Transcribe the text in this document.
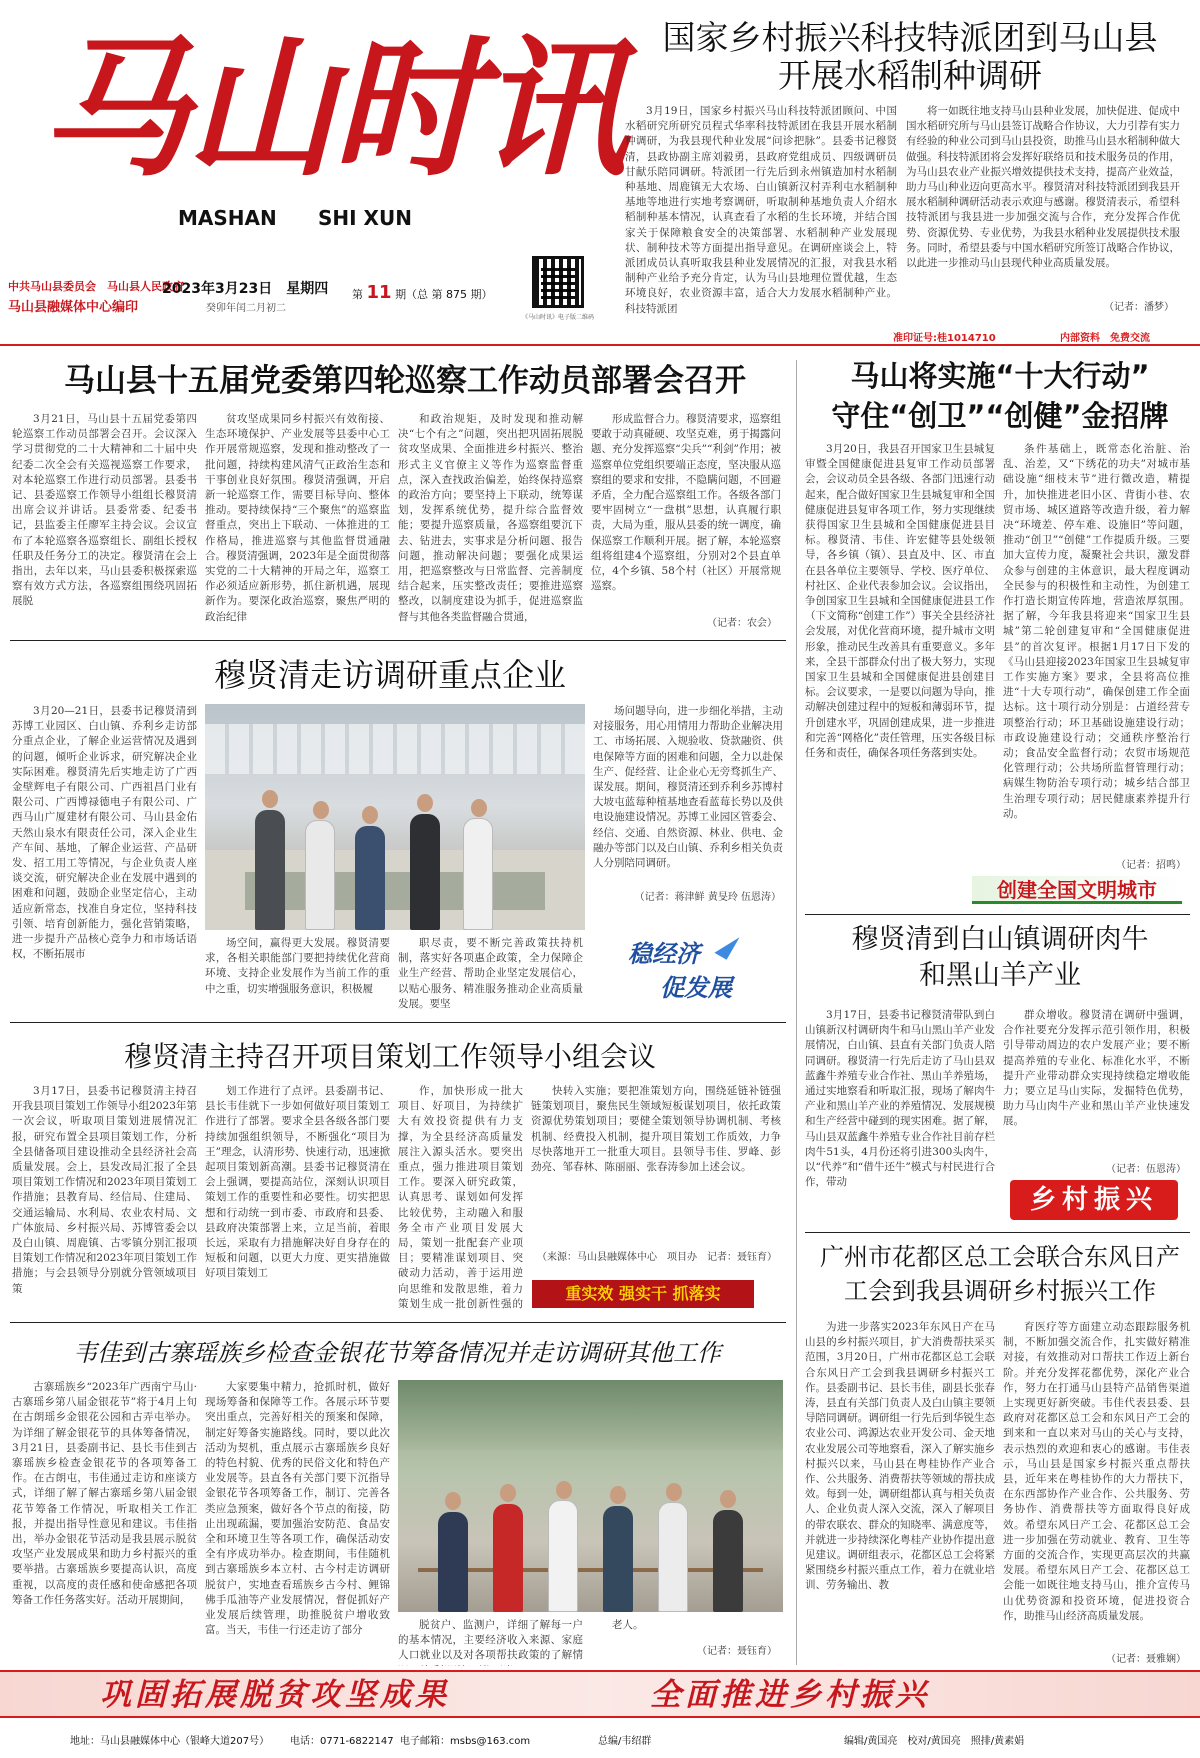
马山时讯
MASHAN SHI XUN
中共马山县委员会　马山县人民政府
马山县融媒体中心编印
2023年3月23日　星期四
癸卯年闰二月初二
第 11 期（总 第 875 期）
《马山时讯》电子版二维码
国家乡村振兴科技特派团到马山县
开展水稻制种调研

3月19日，国家乡村振兴马山科技特派团顾问、中国水稻研究所研究员程式华率科技特派团在我县开展水稻制种调研，为我县现代种业发展“问诊把脉”。县委书记穆贤清，县政协副主席刘毅勇，县政府党组成员、四级调研员甘献乐陪同调研。特派团一行先后到永州镇造加村水稻制种基地、周鹿镇无大农场、白山镇新汉村弄利屯水稻制种基地等地进行实地考察调研，听取制种基地负责人介绍水稻制种基本情况，认真查看了水稻的生长环境，并结合国家关于保障粮食安全的决策部署、水稻制种产业发展现状、制种技术等方面提出指导意见。在调研座谈会上，特派团成员认真听取我县种业发展情况的汇报，对我县水稻制种产业给予充分肯定，认为马山县地理位置优越，生态环境良好，农业资源丰富，适合大力发展水稻制种产业。科技特派团

将一如既往地支持马山县种业发展，加快促进、促成中国水稻研究所与马山县签订战略合作协议，大力引荐有实力有经验的种业公司到马山县投资，助推马山县水稻制种做大做强。科技特派团将会发挥好联络员和技术服务员的作用，为马山县农业产业振兴增效提供技术支持，提高产业效益，助力马山种业迈向更高水平。穆贤清对科技特派团到我县开展水稻制种调研活动表示欢迎与感谢。穆贤清表示，希望科技特派团与我县进一步加强交流与合作，充分发挥合作优势、资源优势、专业优势，为我县水稻种业发展提供技术服务。同时，希望县委与中国水稻研究所签订战略合作协议，以此进一步推动马山县现代种业高质量发展。

（记者：潘梦）
准印证号:桂1014710	内部资料　免费交流
马山县十五届党委第四轮巡察工作动员部署会召开

3月21日，马山县十五届党委第四轮巡察工作动员部署会召开。会议深入学习贯彻党的二十大精神和二十届中央纪委二次全会有关巡视巡察工作要求，对本轮巡察工作进行动员部署。县委书记、县委巡察工作领导小组组长穆贤清出席会议并讲话。县委常委、纪委书记，县监委主任廖军主持会议。会议宣布了本轮巡察各巡察组长、副组长授权任职及任务分工的决定。穆贤清在会上指出，去年以来，马山县委积极探索巡察有效方式方法，各巡察组围绕巩固拓展脱

贫攻坚成果同乡村振兴有效衔接、生态环境保护、产业发展等县委中心工作开展常规巡察，发现和推动整改了一批问题，持续构建风清气正政治生态和干事创业良好氛围。穆贤清强调，开启新一轮巡察工作，需要目标导向、整体推动。要持续保持“三个聚焦”的巡察监督重点，突出上下联动、一体推进的工作格局，推进巡察与其他监督贯通融合。穆贤清强调，2023年是全面贯彻落实党的二十大精神的开局之年，巡察工作必须适应新形势，抓住新机遇，展现新作为。要深化政治巡察，聚焦严明的政治纪律

和政治规矩，及时发现和推动解决“七个有之”问题，突出把巩固拓展脱贫攻坚成果、全面推进乡村振兴、整治形式主义官僚主义等作为巡察监督重点，深入查找政治偏差，始终保持巡察的政治方向；要坚持上下联动，统筹谋划，发挥系统优势，提升综合监督效能；要提升巡察质量，各巡察组要沉下去、钻进去，实事求是分析问题、报告问题，推动解决问题；要强化成果运用，把巡察整改与日常监督、完善制度结合起来，压实整改责任；要推进巡察整改，以制度建设为抓手，促进巡察监督与其他各类监督融合贯通，

形成监督合力。穆贤清要求，巡察组要敢于动真碰硬、攻坚克难，勇于揭露问题、充分发挥巡察“尖兵”“利剑”作用；被巡察单位党组织要端正态度，坚决服从巡察组的要求和安排，不隐瞒问题，不回避矛盾，全力配合巡察组工作。各级各部门要牢固树立“一盘棋”思想，认真履行职责，大局为重，服从县委的统一调度，确保巡察工作顺利开展。据了解，本轮巡察组将组建4个巡察组，分别对2个县直单位，4个乡镇、58个村（社区）开展常规巡察。

（记者：农会）
马山将实施“十大行动”
守住“创卫”“创健”金招牌

3月20日，我县召开国家卫生县城复审暨全国健康促进县复审工作动员部署会，会议动员全县各级、各部门迅速行动起来，配合做好国家卫生县城复审和全国健康促进县复审各项工作，努力实现继续获得国家卫生县城和全国健康促进县目标。穆贤清、韦佳、许宏健等县处级领导，各乡镇（镇）、县直及中、区、市直在县各单位主要领导、学校、医疗单位、村社区、企业代表参加会议。会议指出，争创国家卫生县城和全国健康促进县工作（下文简称“创建工作”）事关全县经济社会发展，对优化营商环境，提升城市文明形象，推动民生改善具有重要意义。多年来，全县干部群众付出了极大努力，实现国家卫生县城和全国健康促进县创建目标。会议要求，一是要以问题为导向，推动解决创建过程中的短板和薄弱环节，提升创建水平，巩固创建成果，进一步推进和完善“网格化”责任管理，压实各级目标任务和责任，确保各项任务落到实处。

条件基础上，既常态化治脏、治乱、治差，又“下绣花的功夫”对城市基础设施“细枝末节”进行微改造，精提升，加快推进老旧小区、背街小巷、农贸市场、城区道路等改造升级，着力解决“环境差、停车难、设施旧”等问题，推动“创卫”“创健”工作提质升级。三要加大宣传力度，凝聚社会共识，激发群众参与创建的主体意识，最大程度调动全民参与的积极性和主动性，为创建工作打造长期宣传阵地，营造浓厚氛围。据了解，今年我县将迎来“国家卫生县城”第二轮创建复审和“全国健康促进县”的首次复评。根据1月17日下发的《马山县迎接2023年国家卫生县城复审工作实施方案》要求，全县将高位推进“十大专项行动”，确保创建工作全面达标。这十项行动分别是：占道经营专项整治行动；环卫基础设施建设行动；市政设施建设行动；交通秩序整治行动；食品安全监督行动；农贸市场规范化管理行动；公共场所监督管理行动；病媒生物防治专项行动；城乡结合部卫生治理专项行动；居民健康素养提升行动。

（记者：招鸣）
创建全国文明城市
穆贤清走访调研重点企业

3月20—21日，县委书记穆贤清到苏博工业园区、白山镇、乔利乡走访部分重点企业，了解企业运营情况及遇到的问题，倾听企业诉求，研究解决企业实际困难。穆贤清先后实地走访了广西金壁辉电子有限公司、广西祖昌门业有限公司、广西博禄德电子有限公司、广西马山广厦建材有限公司、马山县金佑天然山泉水有限责任公司，深入企业生产车间、基地，了解企业运营、产品研发、招工用工等情况，与企业负责人座谈交流，研究解决企业在发展中遇到的困难和问题，鼓励企业坚定信心，主动适应新常态，找准自身定位，坚持科技引领、培育创新能力，强化营销策略，进一步提升产品核心竞争力和市场话语权，不断拓展市

场问题导向，进一步细化举措，主动对接服务，用心用情用力帮助企业解决用工、市场拓展、入规验收、贷款融资、供电保障等方面的困难和问题，全力以赴保生产、促经营、让企业心无旁骛抓生产、谋发展。期间，穆贤清还到乔利乡苏博村大坡屯蓝莓种植基地查看蓝莓长势以及供电设施建设情况。苏博工业园区管委会、经信、交通、自然资源、林业、供电、金融办等部门以及白山镇、乔利乡相关负责人分别陪同调研。

（记者：蒋津鲜 黄旻玲 伍恩涛）

场空间，赢得更大发展。穆贤清要求，各相关职能部门要把持续优化营商环境、支持企业发展作为当前工作的重中之重，切实增强服务意识，积极履

职尽责，要不断完善政策扶持机制，落实好各项惠企政策，全力保障企业生产经营、帮助企业坚定发展信心，以贴心服务、精准服务推动企业高质量发展。要坚

稳经济
促发展
穆贤清到白山镇调研肉牛
和黑山羊产业

3月17日，县委书记穆贤清带队到白山镇新汉村调研肉牛和马山黑山羊产业发展情况，白山镇、县直有关部门负责人陪同调研。穆贤清一行先后走访了马山县双蓝鑫牛养殖专业合作社、黑山羊养殖场，通过实地察看和听取汇报，现场了解肉牛产业和黑山羊产业的养殖情况、发展规模和生产经营中碰到的现实困难。据了解，马山县双蓝鑫牛养殖专业合作社目前存栏肉牛51头，4月份还将引进300头肉牛，以“代养”和“借牛还牛”模式与村民进行合作，带动

群众增收。穆贤清在调研中强调，合作社要充分发挥示范引领作用，积极引导带动周边的农户发展产业；要不断提高养殖的专业化、标准化水平，不断提升产业带动群众实现持续稳定增收能力；要立足马山实际，发掘特色优势，助力马山肉牛产业和黑山羊产业快速发展。

（记者：伍恩涛）
乡村振兴
穆贤清主持召开项目策划工作领导小组会议

3月17日，县委书记穆贤清主持召开我县项目策划工作领导小组2023年第一次会议，听取项目策划进展情况汇报，研究布置全县项目策划工作，分析全县储备项目建设推动全县经济社会高质量发展。会上，县发改局汇报了全县项目策划工作情况和2023年项目策划工作措施；县教育局、经信局、住建局、交通运输局、水利局、农业农村局、文广体旅局、乡村振兴局、苏博管委会以及白山镇、周鹿镇、古零镇分别汇报项目策划工作情况和2023年项目策划工作措施；与会县领导分别就分管领域项目策

划工作进行了点评。县委副书记、县长韦佳就下一步如何做好项目策划工作进行了部署。要求全县各级各部门要持续加强组织领导，不断强化“项目为王”理念，认清形势、快速行动，迅速掀起项目策划新高潮。县委书记穆贤清在会上强调，要提高站位，深刻认识项目策划工作的重要性和必要性。切实把思想和行动统一到市委、市政府和县委、县政府决策部署上来，立足当前，着眼长远，采取有力措施解决好自身存在的短板和问题，以更大力度、更实措施做好项目策划工

作，加快形成一批大项目、好项目，为持续扩大有效投资提供有力支撑，为全县经济高质量发展注入源头活水。要突出重点，强力推进项目策划工作。要深入研究政策，认真思考、谋划如何发挥比较优势，主动融入和服务全市产业项目发展大局，策划一批配套产业项目；要精准谋划项目、突破动力活动，善于运用逆向思维和发散思维，着力策划生成一批创新性强的

快转入实施；要把准策划方向，围绕延链补链强链策划项目，聚焦民生领域短板谋划项目，依托政策资源优势策划项目；要健全策划领导协调机制、考核机制、经费投入机制，提升项目策划工作质效，力争尽快落地开工一批重大项目。县领导韦佳、罗峰、彭劲亮、邹春林、陈丽丽、张春涛参加上述会议。

（来源：马山县融媒体中心　项目办　记者：聂钰育）
重实效 强实干 抓落实
广州市花都区总工会联合东风日产
工会到我县调研乡村振兴工作

为进一步落实2023年东风日产在马山县的乡村振兴项目，扩大消费帮扶采买范围，3月20日，广州市花都区总工会联合东风日产工会到我县调研乡村振兴工作。县委副书记、县长韦佳，副县长张春涛，县直有关部门负责人及白山镇主要领导陪同调研。调研组一行先后到华锐生态农业公司、鸿源达农业开发公司、金天地农业发展公司等地察看，深入了解实施乡村振兴以来，马山县在粤桂协作产业合作、公共服务、消费帮扶等领域的帮扶成效。每到一处，调研组都认真与相关负责人、企业负责人深入交流，深入了解项目的带农联农、群众的知晓率、满意度等，并就进一步持续深化粤桂产业协作提出意见建议。调研组表示，花都区总工会将紧紧围绕乡村振兴重点工作，着力在就业培训、劳务输出、教

育医疗等方面建立动态跟踪服务机制，不断加强交流合作，扎实做好精准对接，有效推动对口帮扶工作迈上新台阶。并充分发挥花都优势，深化产业合作，努力在打通马山县特产品销售渠道上实现更好新突破。韦佳代表县委、县政府对花都区总工会和东风日产工会的到来和一直以来对马山的关心与支持，表示热烈的欢迎和衷心的感谢。韦佳表示，马山县是国家乡村振兴重点帮扶县，近年来在粤桂协作的大力帮扶下，在东西部协作产业合作、公共服务、劳务协作、消费帮扶等方面取得良好成效。希望东风日产工会、花都区总工会进一步加强在劳动就业、教育、卫生等方面的交流合作，实现更高层次的共赢发展。希望东风日产工会、花都区总工会能一如既往地支持马山，推介宣传马山优势资源和投资环境，促进投资合作，助推马山经济高质量发展。

（记者：聂雅娴）
韦佳到古寨瑶族乡检查金银花节筹备情况并走访调研其他工作

古寨瑶族乡“2023年广西南宁马山·古寨瑶乡第八届金银花节”将于4月上旬在古朗瑶乡金银花公园和古弄屯举办。为详细了解金银花节的具体筹备情况，3月21日，县委副书记、县长韦佳到古寨瑶族乡检查金银花节的各项筹备工作。在古朗屯，韦佳通过走访和座谈方式，详细了解了解古寨瑶乡第八届金银花节筹备工作情况，听取相关工作汇报，并提出指导性意见和建议。韦佳指出，举办金银花节活动是我县展示脱贫攻坚产业发展成果和助力乡村振兴的重要举措。古寨瑶族乡要提高认识，高度重视，以高度的责任感和使命感把各项筹备工作任务落实好。活动开展期间，

大家要集中精力，抢抓时机，做好现场筹备和保障等工作。各展示环节要突出重点，完善好相关的预案和保障，制定好筹备实施路线。同时，要以此次活动为契机，重点展示古寨瑶族乡良好的特色村貌、优秀的民俗文化和特色产业发展等。县直各有关部门要下沉指导金银花节各项筹备工作，制订、完善各类应急预案，做好各个节点的衔接，防止出现疏漏，要加强治安防范、食品安全和环境卫生等各项工作，确保活动安全有序成功举办。检查期间，韦佳随机到古寨瑶族乡本立村、古今村走访调研脱贫户，实地查看瑶族乡古今村、鲤锦佛手瓜油等产业发展情况，督促抓好产业发展后续管理，助推脱贫户增收致富。当天，韦佳一行还走访了部分	脱贫户、监测户，详细了解每一户的基本情况，主要经济收入来源、家庭人口就业以及对各项帮扶政策的了解情

老人。

（记者：聂钰育）
巩固拓展脱贫攻坚成果	全面推进乡村振兴
地址：马山县融媒体中心（银峰大道207号） 电话：0771-6822147 电子邮箱：msbs@163.com	总编/韦绍群	编辑/黄国亮　校对/黄国亮　照排/黄素娟
